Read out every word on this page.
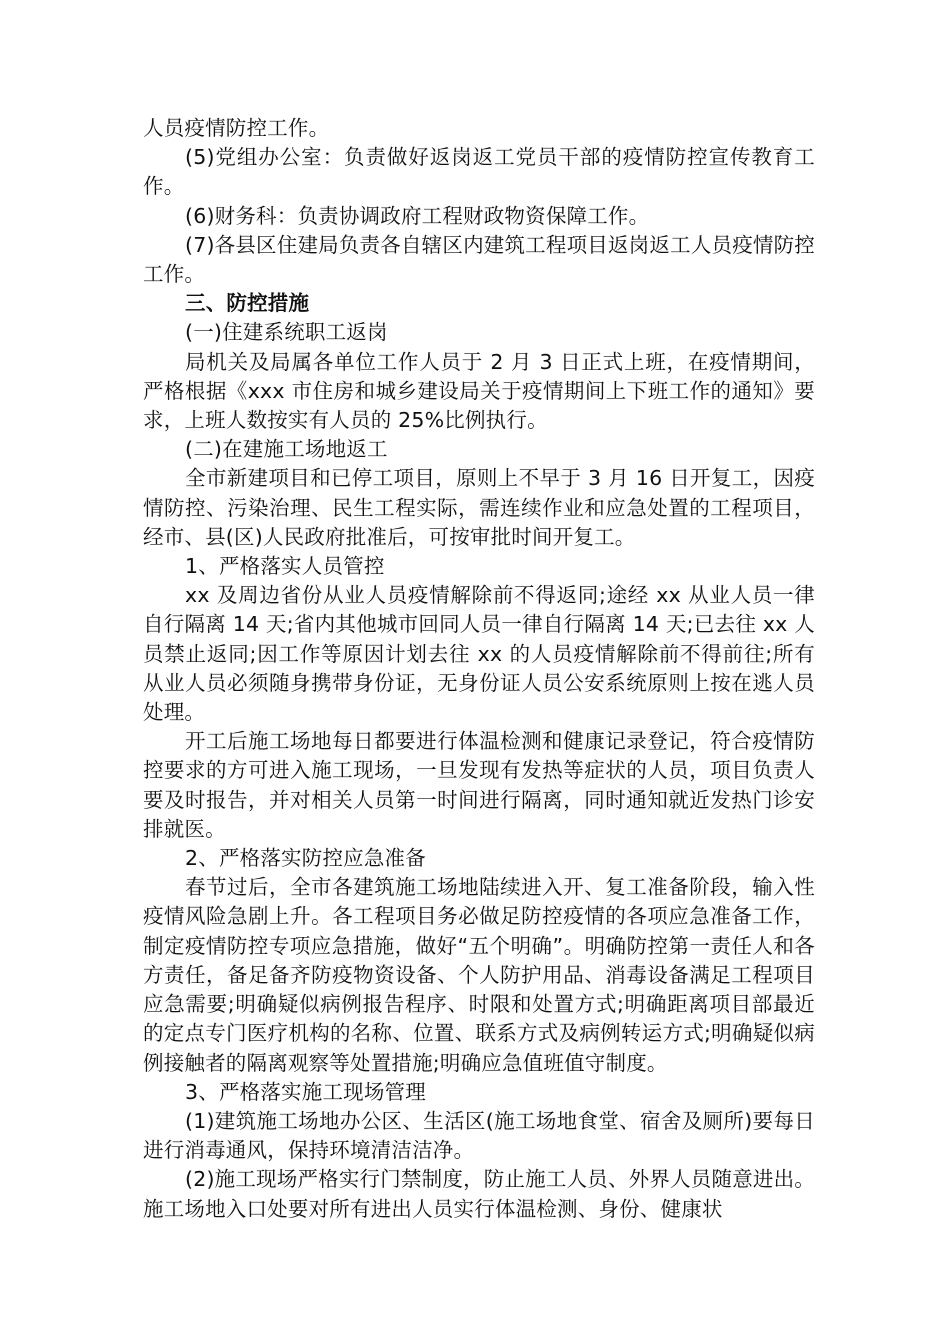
人员疫情防控工作。

(5)党组办公室：负责做好返岗返工党员干部的疫情防控宣传教育工作。

(6)财务科：负责协调政府工程财政物资保障工作。

(7)各县区住建局负责各自辖区内建筑工程项目返岗返工人员疫情防控工作。

三、防控措施

(一)住建系统职工返岗

局机关及局属各单位工作人员于 2 月 3 日正式上班，在疫情期间，严格根据《xxx 市住房和城乡建设局关于疫情期间上下班工作的通知》要求，上班人数按实有人员的 25%比例执行。

(二)在建施工场地返工

全市新建项目和已停工项目，原则上不早于 3 月 16 日开复工，因疫情防控、污染治理、民生工程实际，需连续作业和应急处置的工程项目，经市、县(区)人民政府批准后，可按审批时间开复工。

1、严格落实人员管控

xx 及周边省份从业人员疫情解除前不得返同;途经 xx 从业人员一律自行隔离 14 天;省内其他城市回同人员一律自行隔离 14 天;已去往 xx 人员禁止返同;因工作等原因计划去往 xx 的人员疫情解除前不得前往;所有从业人员必须随身携带身份证，无身份证人员公安系统原则上按在逃人员处理。

开工后施工场地每日都要进行体温检测和健康记录登记，符合疫情防控要求的方可进入施工现场，一旦发现有发热等症状的人员，项目负责人要及时报告，并对相关人员第一时间进行隔离，同时通知就近发热门诊安排就医。

2、严格落实防控应急准备

春节过后，全市各建筑施工场地陆续进入开、复工准备阶段，输入性疫情风险急剧上升。各工程项目务必做足防控疫情的各项应急准备工作，制定疫情防控专项应急措施，做好“五个明确”。明确防控第一责任人和各方责任，备足备齐防疫物资设备、个人防护用品、消毒设备满足工程项目应急需要;明确疑似病例报告程序、时限和处置方式;明确距离项目部最近的定点专门医疗机构的名称、位置、联系方式及病例转运方式;明确疑似病例接触者的隔离观察等处置措施;明确应急值班值守制度。

3、严格落实施工现场管理

(1)建筑施工场地办公区、生活区(施工场地食堂、宿舍及厕所)要每日进行消毒通风，保持环境清洁洁净。

(2)施工现场严格实行门禁制度，防止施工人员、外界人员随意进出。施工场地入口处要对所有进出人员实行体温检测、身份、健康状
